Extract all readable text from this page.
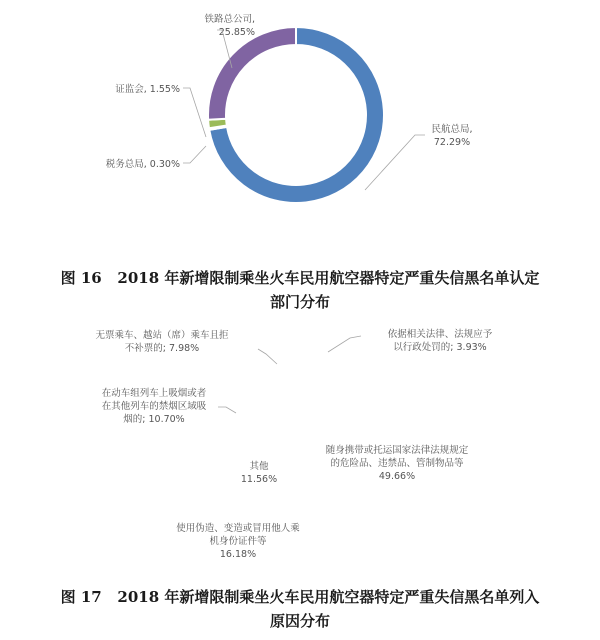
民航总局, 72.29%
铁路总公司, 25.85%
证监会, 1.55%
税务总局, 0.30%
随身携带或托运国家法律法规规定的危险品、违禁品、管制物品等 49.66%
使用伪造、变造或冒用他人乘机身份证件等 16.18%
其他 11.56%
在动车组列车上吸烟或者在其他列车的禁烟区域吸烟的; 10.70%
无票乘车、越站（席）乘车且拒不补票的; 7.98%
依据相关法律、法规应予以行政处罚的; 3.93%
图 16 2018 年新增限制乘坐火车民用航空器特定严重失信黑名单认定
部门分布
图 17 2018 年新增限制乘坐火车民用航空器特定严重失信黑名单列入
原因分布
